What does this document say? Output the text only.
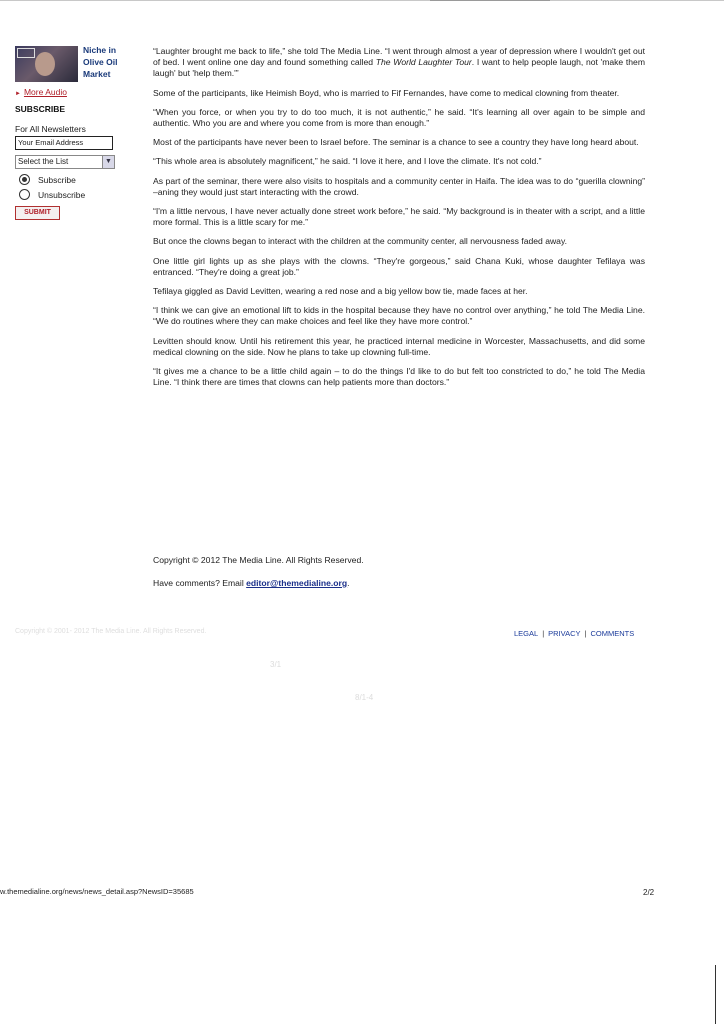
Niche in
Olive Oil
Market
► More Audio
SUBSCRIBE
For All Newsletters
Your Email Address
Select the List	▼
Subscribe
Unsubscribe
SUBMIT

“Laughter brought me back to life,” she told The Media Line. “I went through almost a year of depression where I wouldn't get out of bed. I went online one day and found something called The World Laughter Tour. I want to help people laugh, not 'make them laugh' but 'help them.'”

Some of the participants, like Heimish Boyd, who is married to Fif Fernandes, have come to medical clowning from theater.

“When you force, or when you try to do too much, it is not authentic,” he said. “It's learning all over again to be simple and authentic. Who you are and where you come from is more than enough.”

Most of the participants have never been to Israel before. The seminar is a chance to see a country they have long heard about.

“This whole area is absolutely magnificent,” he said. “I love it here, and I love the climate. It's not cold.”

As part of the seminar, there were also visits to hospitals and a community center in Haifa. The idea was to do “guerilla clowning” –aning they would just start interacting with the crowd.

“I'm a little nervous, I have never actually done street work before,” he said. “My background is in theater with a script, and a little more formal. This is a little scary for me.”

But once the clowns began to interact with the children at the community center, all nervousness faded away.

One little girl lights up as she plays with the clowns. “They're gorgeous,” said Chana Kuki, whose daughter Tefilaya was entranced. “They're doing a great job.”

Tefilaya giggled as David Levitten, wearing a red nose and a big yellow bow tie, made faces at her.

“I think we can give an emotional lift to kids in the hospital because they have no control over anything,” he told The Media Line. “We do routines where they can make choices and feel like they have more control.”

Levitten should know. Until his retirement this year, he practiced internal medicine in Worcester, Massachusetts, and did some medical clowning on the side. Now he plans to take up clowning full-time.

“It gives me a chance to be a little child again – to do the things I'd like to do but felt too constricted to do,” he told The Media Line. “I think there are times that clowns can help patients more than doctors.”

Copyright © 2012 The Media Line. All Rights Reserved.
Have comments? Email editor@themedialine.org.
Copyright © 2001- 2012 The Media Line. All Rights Reserved.	LEGAL | PRIVACY | COMMENTS
3/1
8/1-4
w.themedialine.org/news/news_detail.asp?NewsID=35685	2/2
